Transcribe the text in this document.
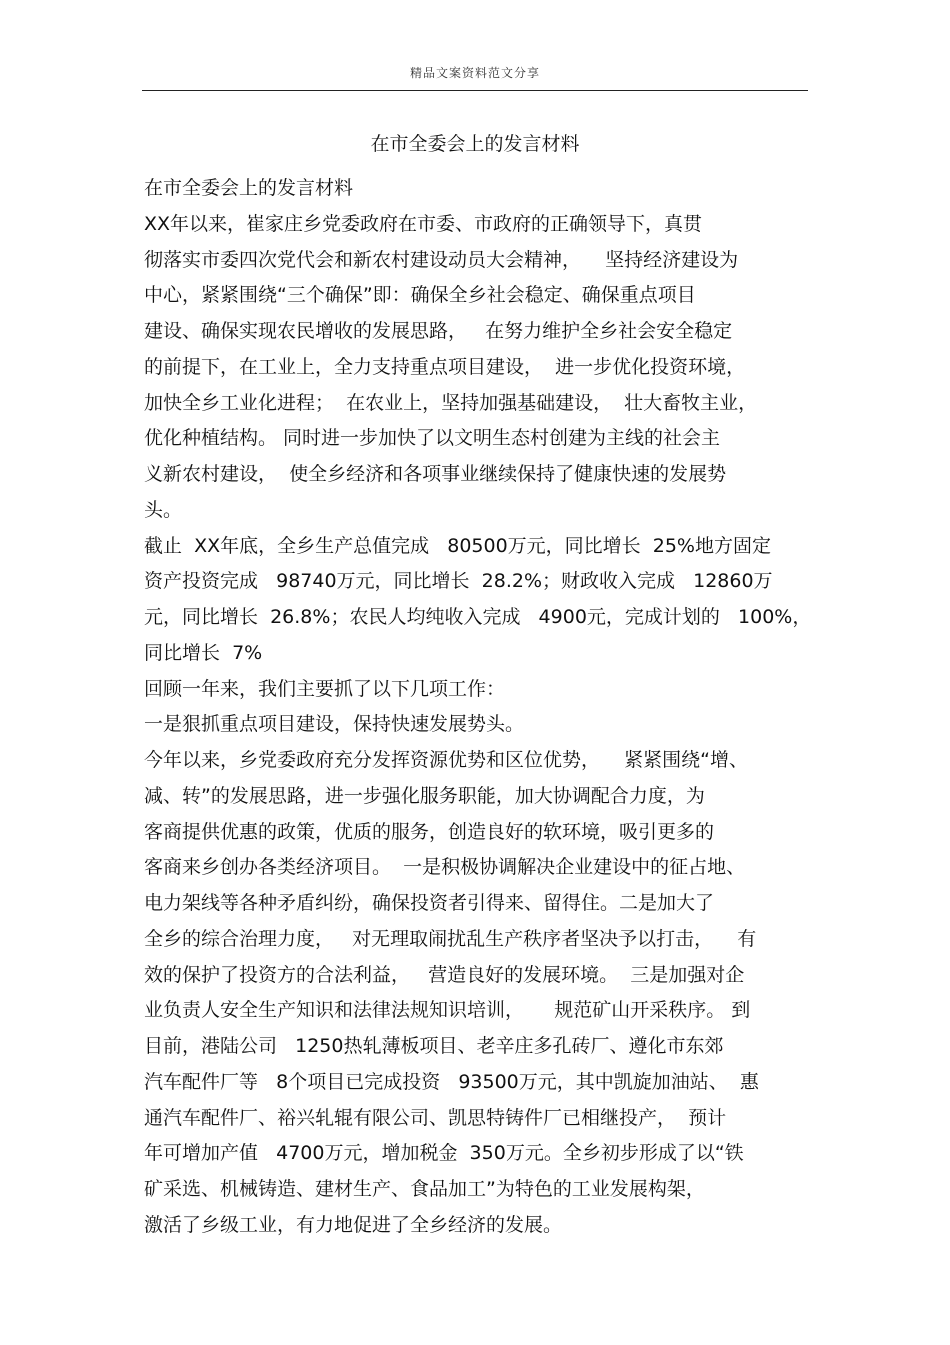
精品文案资料范文分享
在市全委会上的发言材料
在市全委会上的发言材料
XX年以来，崔家庄乡党委政府在市委、市政府的正确领导下，真贯
彻落实市委四次党代会和新农村建设动员大会精神，    坚持经济建设为
中心，紧紧围绕“三个确保”即：确保全乡社会稳定、确保重点项目
建设、确保实现农民增收的发展思路，   在努力维护全乡社会安全稳定
的前提下，在工业上，全力支持重点项目建设，  进一步优化投资环境，
加快全乡工业化进程；  在农业上，坚持加强基础建设，  壮大畜牧主业，
优化种植结构。 同时进一步加快了以文明生态村创建为主线的社会主
义新农村建设，  使全乡经济和各项事业继续保持了健康快速的发展势
头。
截止  XX年底，全乡生产总值完成   80500万元，同比增长  25%地方固定
资产投资完成   98740万元，同比增长  28.2%；财政收入完成   12860万
元，同比增长  26.8%；农民人均纯收入完成   4900元，完成计划的   100%，
同比增长  7%
回顾一年来，我们主要抓了以下几项工作：
一是狠抓重点项目建设，保持快速发展势头。
今年以来，乡党委政府充分发挥资源优势和区位优势，    紧紧围绕“增、
减、转”的发展思路，进一步强化服务职能，加大协调配合力度，为
客商提供优惠的政策，优质的服务，创造良好的软环境，吸引更多的
客商来乡创办各类经济项目。  一是积极协调解决企业建设中的征占地、
电力架线等各种矛盾纠纷，确保投资者引得来、留得住。二是加大了
全乡的综合治理力度，   对无理取闹扰乱生产秩序者坚决予以打击，    有
效的保护了投资方的合法利益，   营造良好的发展环境。  三是加强对企
业负责人安全生产知识和法律法规知识培训，     规范矿山开采秩序。 到
目前，港陆公司   1250热轧薄板项目、老辛庄多孔砖厂、遵化市东郊
汽车配件厂等   8个项目已完成投资   93500万元，其中凯旋加油站、  惠
通汽车配件厂、裕兴轧辊有限公司、凯思特铸件厂已相继投产，  预计
年可增加产值   4700万元，增加税金  350万元。全乡初步形成了以“铁
矿采选、机械铸造、建材生产、食品加工”为特色的工业发展构架，
激活了乡级工业，有力地促进了全乡经济的发展。
